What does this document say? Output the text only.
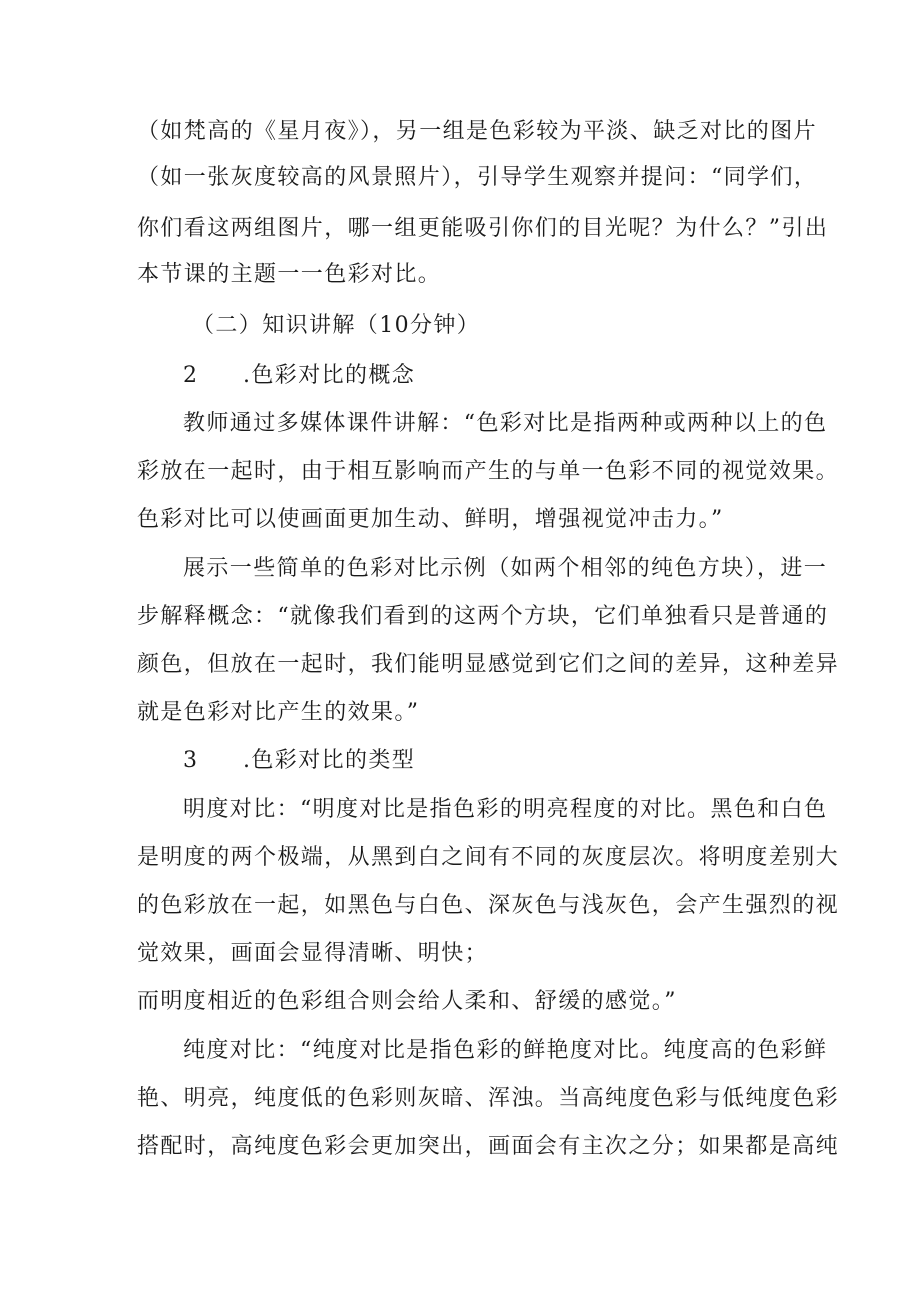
（如梵高的《星月夜》），另一组是色彩较为平淡、缺乏对比的图片
（如一张灰度较高的风景照片），引导学生观察并提问：“同学们，
你们看这两组图片，哪一组更能吸引你们的目光呢？为什么？”引出
本节课的主题一一色彩对比。
（二）知识讲解（10分钟）
2 .色彩对比的概念
教师通过多媒体课件讲解：“色彩对比是指两种或两种以上的色
彩放在一起时，由于相互影响而产生的与单一色彩不同的视觉效果。
色彩对比可以使画面更加生动、鲜明，增强视觉冲击力。”
展示一些简单的色彩对比示例（如两个相邻的纯色方块），进一
步解释概念：“就像我们看到的这两个方块，它们单独看只是普通的
颜色，但放在一起时，我们能明显感觉到它们之间的差异，这种差异
就是色彩对比产生的效果。”
3 .色彩对比的类型
明度对比：“明度对比是指色彩的明亮程度的对比。黑色和白色
是明度的两个极端，从黑到白之间有不同的灰度层次。将明度差别大
的色彩放在一起，如黑色与白色、深灰色与浅灰色，会产生强烈的视
觉效果，画面会显得清晰、明快；
而明度相近的色彩组合则会给人柔和、舒缓的感觉。”
纯度对比：“纯度对比是指色彩的鲜艳度对比。纯度高的色彩鲜
艳、明亮，纯度低的色彩则灰暗、浑浊。当高纯度色彩与低纯度色彩
搭配时，高纯度色彩会更加突出，画面会有主次之分；如果都是高纯
